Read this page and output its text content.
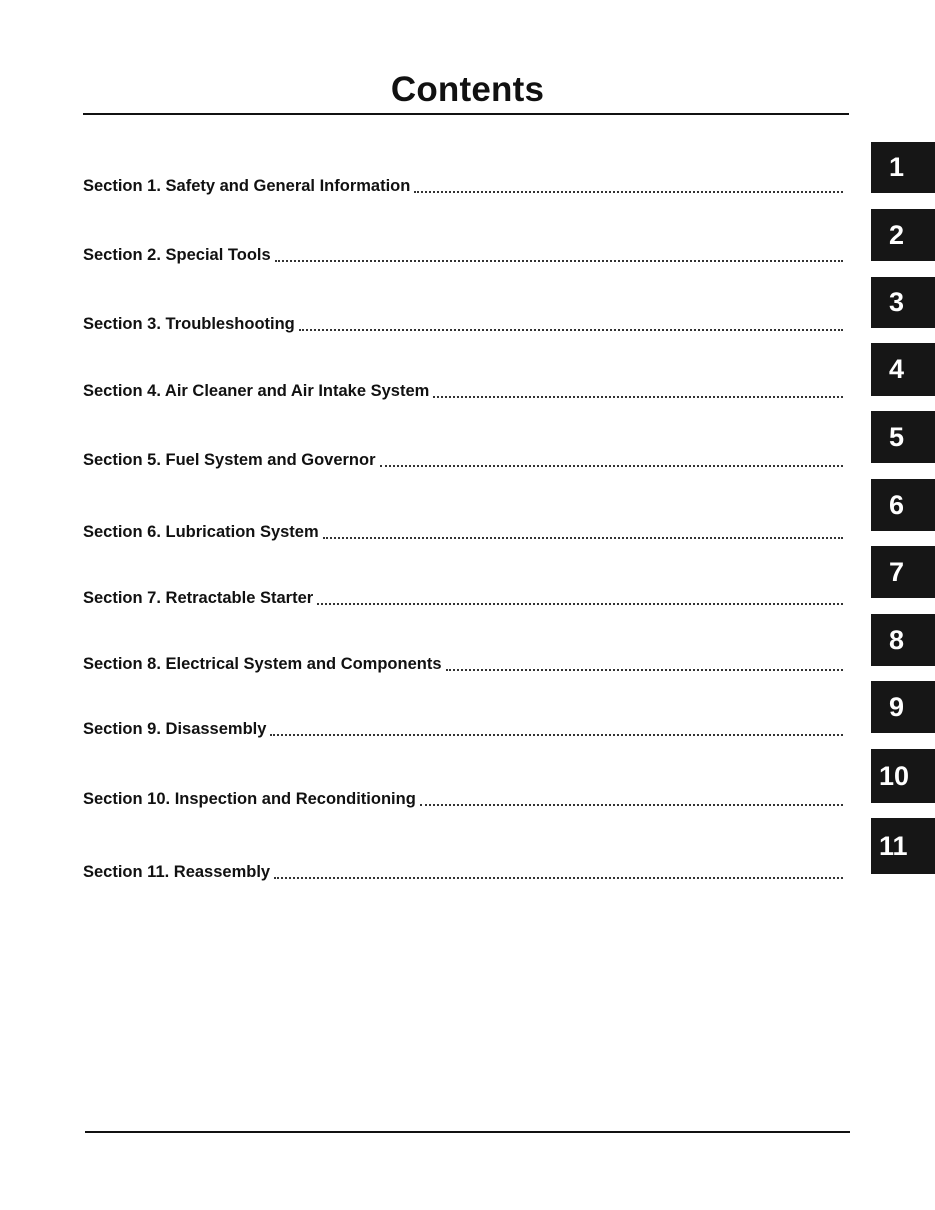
Contents
Section 1. Safety and General Information
Section 2. Special Tools
Section 3. Troubleshooting
Section 4. Air Cleaner and Air Intake System
Section 5. Fuel System and Governor
Section 6. Lubrication System
Section 7. Retractable Starter
Section 8. Electrical System and Components
Section 9. Disassembly
Section 10. Inspection and Reconditioning
Section 11. Reassembly
1
2
3
4
5
6
7
8
9
10
11
